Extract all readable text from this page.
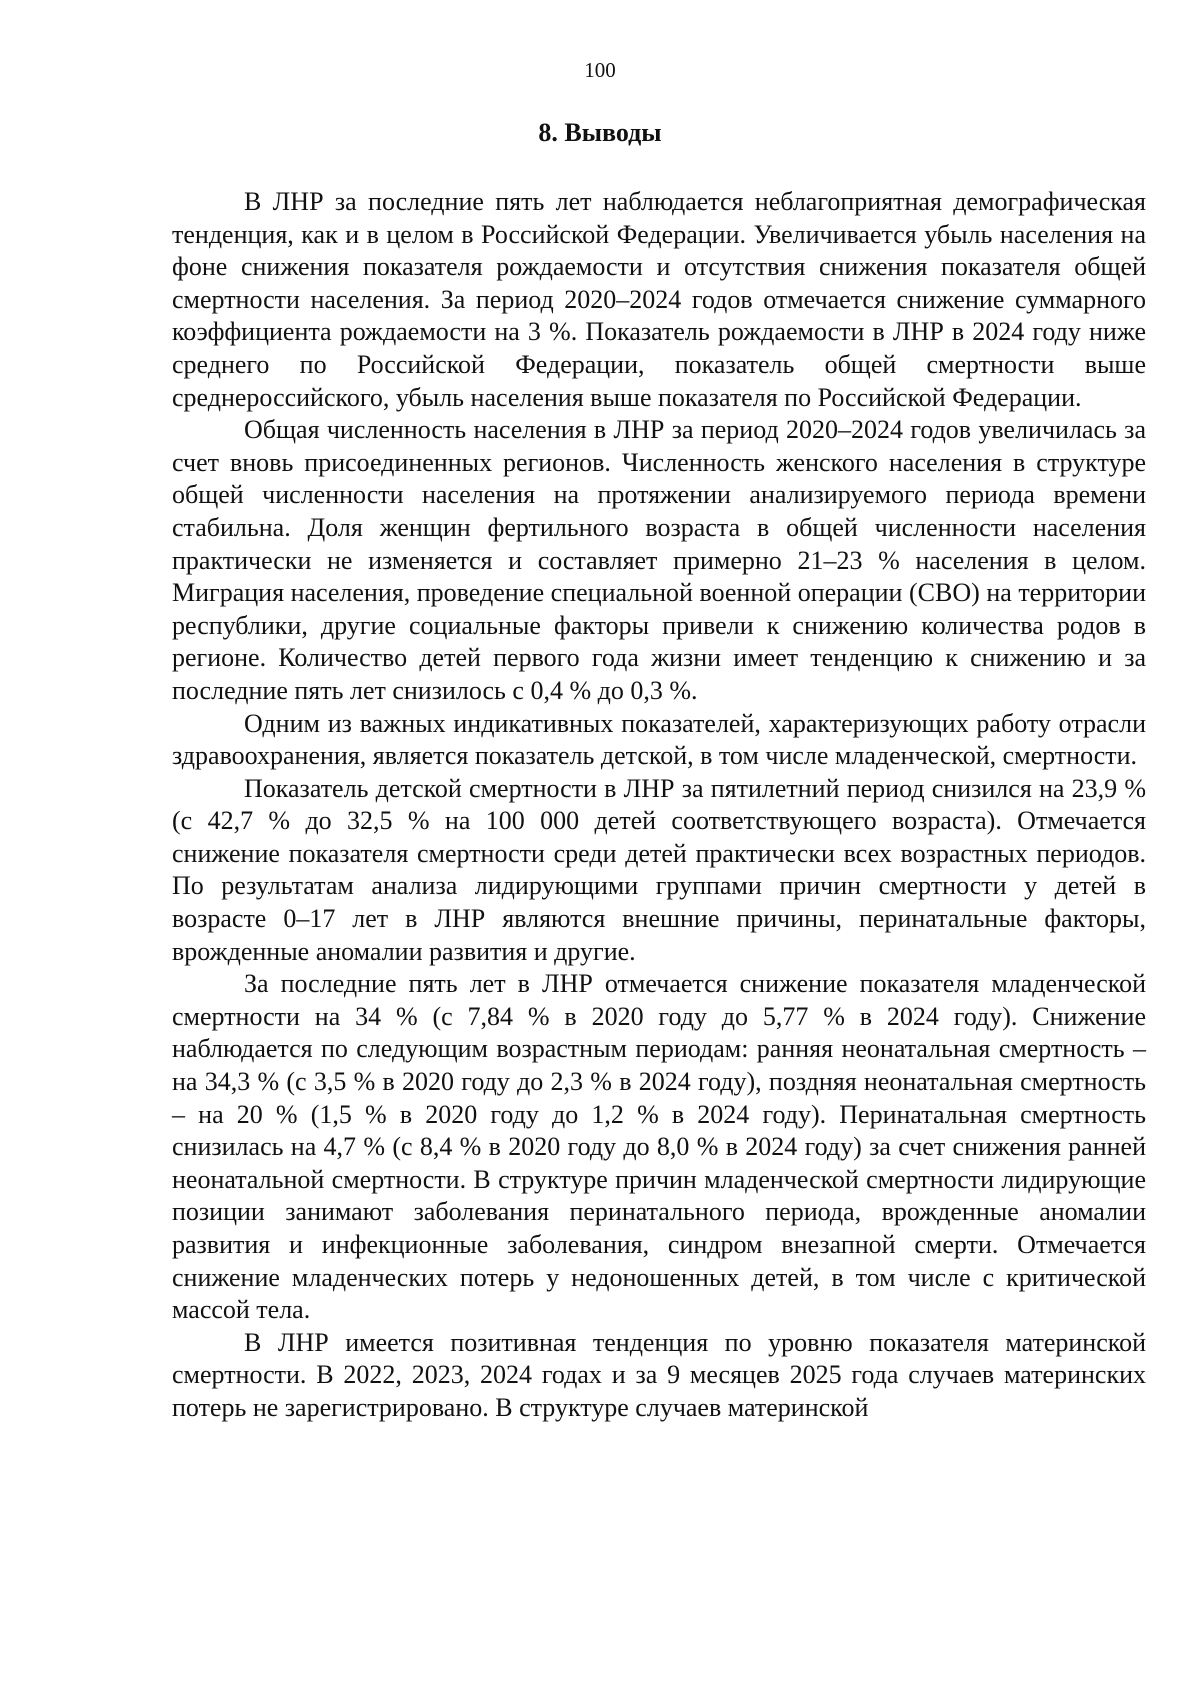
100
8. Выводы

В ЛНР за последние пять лет наблюдается неблагоприятная демографическая тенденция, как и в целом в Российской Федерации. Увеличивается убыль населения на фоне снижения показателя рождаемости и отсутствия снижения показателя общей смертности населения. За период 2020–2024 годов отмечается снижение суммарного коэффициента рождаемости на 3 %. Показатель рождаемости в ЛНР в 2024 году ниже среднего по Российской Федерации, показатель общей смертности выше среднероссийского, убыль населения выше показателя по Российской Федерации.

Общая численность населения в ЛНР за период 2020–2024 годов увеличилась за счет вновь присоединенных регионов. Численность женского населения в структуре общей численности населения на протяжении анализируемого периода времени стабильна. Доля женщин фертильного возраста в общей численности населения практически не изменяется и составляет примерно 21–23 % населения в целом. Миграция населения, проведение специальной военной операции (СВО) на территории республики, другие социальные факторы привели к снижению количества родов в регионе. Количество детей первого года жизни имеет тенденцию к снижению и за последние пять лет снизилось с 0,4 % до 0,3 %.

Одним из важных индикативных показателей, характеризующих работу отрасли здравоохранения, является показатель детской, в том числе младенческой, смертности.

Показатель детской смертности в ЛНР за пятилетний период снизился на 23,9 % (с 42,7 % до 32,5 % на 100 000 детей соответствующего возраста). Отмечается снижение показателя смертности среди детей практически всех возрастных периодов. По результатам анализа лидирующими группами причин смертности у детей в возрасте 0–17 лет в ЛНР являются внешние причины, перинатальные факторы, врожденные аномалии развития и другие.

За последние пять лет в ЛНР отмечается снижение показателя младенческой смертности на 34 % (с 7,84 % в 2020 году до 5,77 % в 2024 году). Снижение наблюдается по следующим возрастным периодам: ранняя неонатальная смертность – на 34,3 % (с 3,5 % в 2020 году до 2,3 % в 2024 году), поздняя неонатальная смертность – на 20 % (1,5 % в 2020 году до 1,2 % в 2024 году). Перинатальная смертность снизилась на 4,7 % (с 8,4 % в 2020 году до 8,0 % в 2024 году) за счет снижения ранней неонатальной смертности. В структуре причин младенческой смертности лидирующие позиции занимают заболевания перинатального периода, врожденные аномалии развития и инфекционные заболевания, синдром внезапной смерти. Отмечается снижение младенческих потерь у недоношенных детей, в том числе с критической массой тела.

В ЛНР имеется позитивная тенденция по уровню показателя материнской смертности. В 2022, 2023, 2024 годах и за 9 месяцев 2025 года случаев материнских потерь не зарегистрировано. В структуре случаев материнской
